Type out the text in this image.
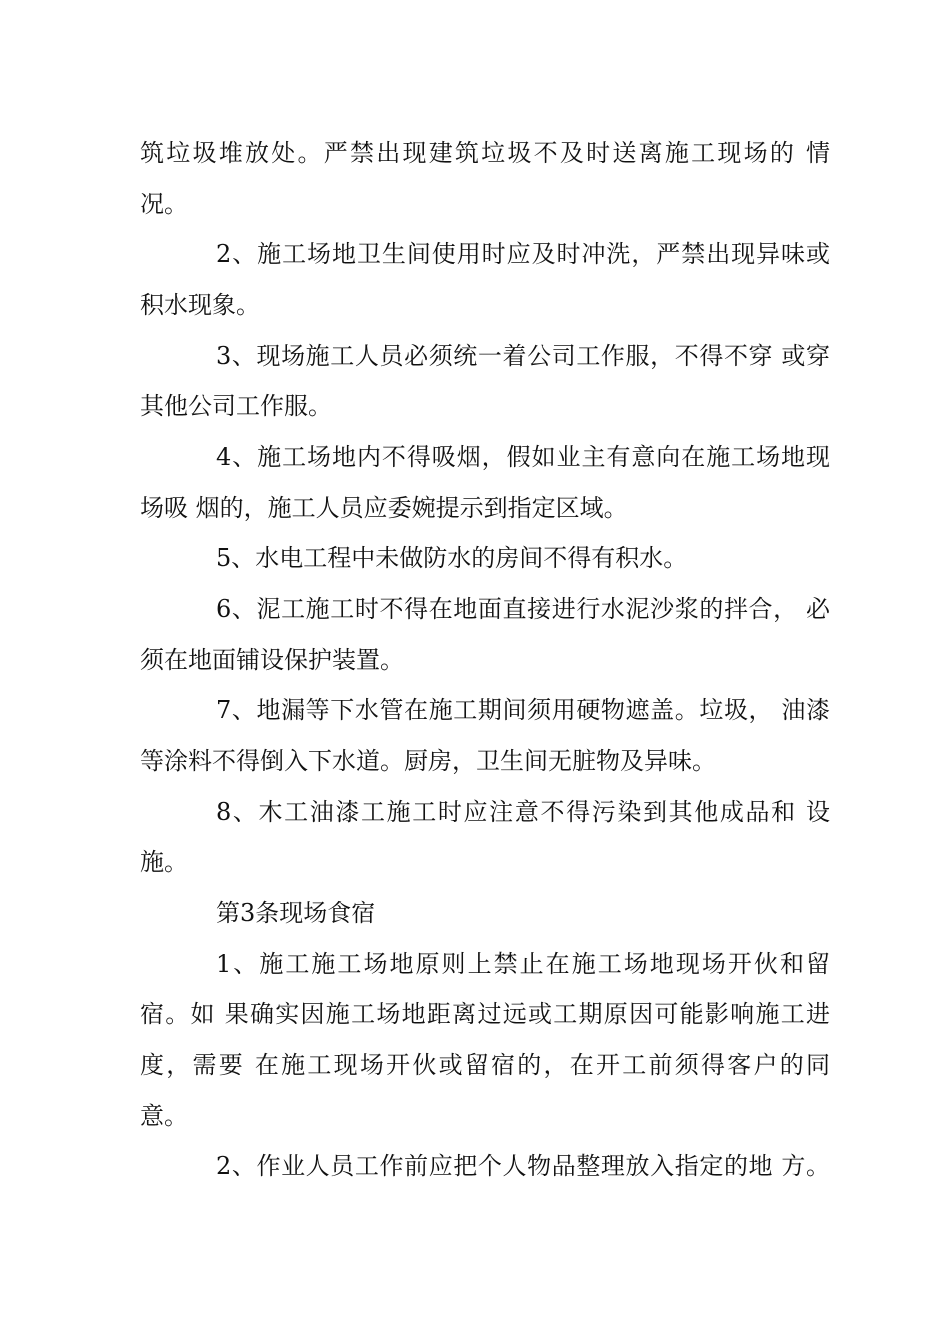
筑垃圾堆放处。严禁出现建筑垃圾不及时送离施工现场的 情
况。
2、施工场地卫生间使用时应及时冲洗，严禁出现异味或
积水现象。
3、现场施工人员必须统一着公司工作服，不得不穿 或穿
其他公司工作服。
4、施工场地内不得吸烟，假如业主有意向在施工场地现
场吸 烟的，施工人员应委婉提示到指定区域。
5、水电工程中未做防水的房间不得有积水。
6、泥工施工时不得在地面直接进行水泥沙浆的拌合， 必
须在地面铺设保护装置。
7、地漏等下水管在施工期间须用硬物遮盖。垃圾， 油漆
等涂料不得倒入下水道。厨房，卫生间无脏物及异味。
8、木工油漆工施工时应注意不得污染到其他成品和 设
施。
第3条现场食宿
1、施工施工场地原则上禁止在施工场地现场开伙和留
宿。如 果确实因施工场地距离过远或工期原因可能影响施工进
度，需要 在施工现场开伙或留宿的，在开工前须得客户的同
意。
2、作业人员工作前应把个人物品整理放入指定的地 方。
